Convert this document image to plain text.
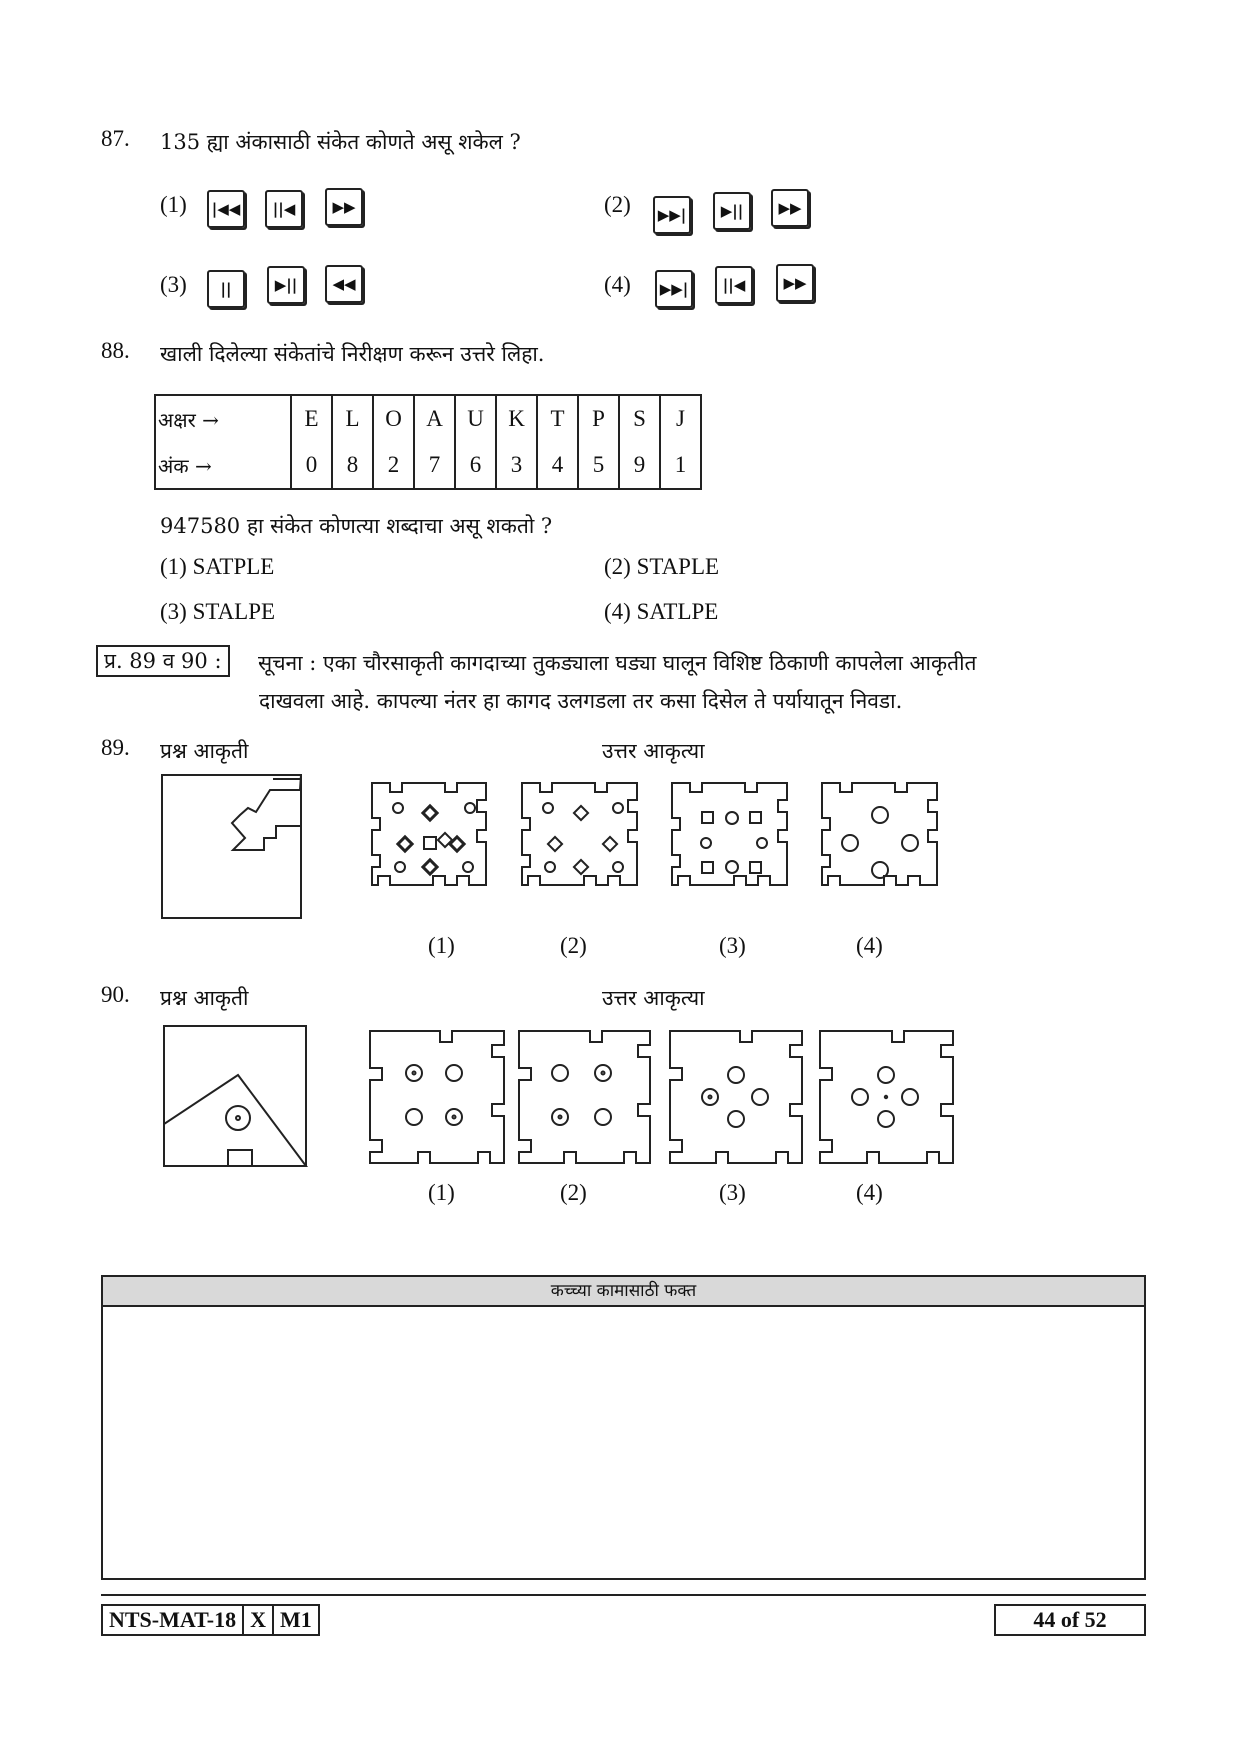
87. 135 ह्या अंकासाठी संकेत कोणते असू शकेल ?
(1)	|◀◀	||◀	▶▶	(2)	▶▶|	▶||	▶▶
(3)	||	▶||	◀◀	(4)	▶▶|	||◀	▶▶
88. खाली दिलेल्या संकेतांचे निरीक्षण करून उत्तरे लिहा.
अक्षर →	E	L	O	A	U	K	T	P	S	J
अंक →	0	8	2	7	6	3	4	5	9	1
947580 हा संकेत कोणत्या शब्दाचा असू शकतो ?
(1) SATPLE	(2) STAPLE
(3) STALPE	(4) SATLPE
प्र. 89 व 90 :	सूचना : एका चौरसाकृती कागदाच्या तुकड्याला घड्या घालून विशिष्ट ठिकाणी कापलेला आकृतीत
दाखवला आहे. कापल्या नंतर हा कागद उलगडला तर कसा दिसेल ते पर्यायातून निवडा.
89. प्रश्न आकृती	उत्तर आकृत्या
(1)	(2)	(3)	(4)
90. प्रश्न आकृती	उत्तर आकृत्या
(1)	(2)	(3)	(4)
कच्च्या कामासाठी फक्त
NTS-MAT-18 X M1	44 of 52
